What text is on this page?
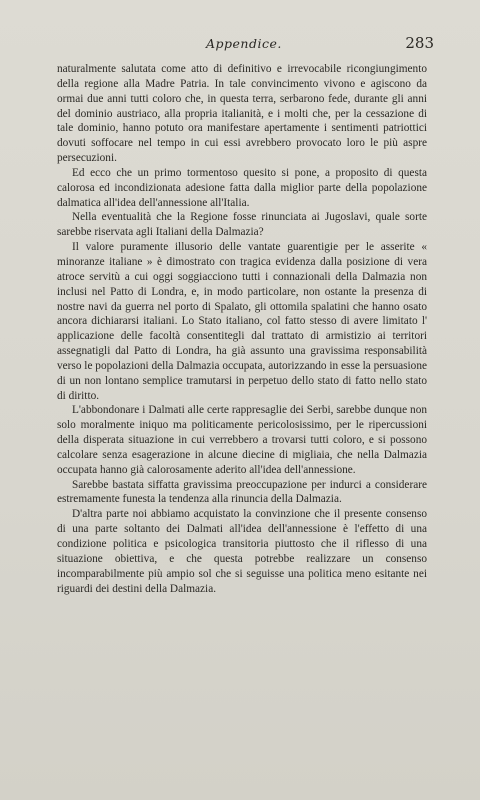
Appendice.	283

naturalmente salutata come atto di definitivo e irrevocabile ricongiungimento della regione alla Madre Patria. In tale convincimento vivono e agiscono da ormai due anni tutti coloro che, in questa terra, serbarono fede, durante gli anni del dominio austriaco, alla propria italianità, e i molti che, per la cessazione di tale dominio, hanno potuto ora manifestare apertamente i sentimenti patriottici dovuti soffocare nel tempo in cui essi avrebbero provocato loro le più aspre persecuzioni.

Ed ecco che un primo tormentoso quesito si pone, a proposito di questa calorosa ed incondizionata adesione fatta dalla miglior parte della popolazione dalmatica all'idea dell'annessione all'Italia.

Nella eventualità che la Regione fosse rinunciata ai Jugoslavi, quale sorte sarebbe riservata agli Italiani della Dalmazia?

Il valore puramente illusorio delle vantate guarentigie per le asserite « minoranze italiane » è dimostrato con tragica evidenza dalla posizione di vera atroce servitù a cui oggi soggiacciono tutti i connazionali della Dalmazia non inclusi nel Patto di Londra, e, in modo particolare, non ostante la presenza di nostre navi da guerra nel porto di Spalato, gli ottomila spalatini che hanno osato ancora dichiararsi italiani. Lo Stato italiano, col fatto stesso di avere limitato l' applicazione delle facoltà consentitegli dal trattato di armistizio ai territori assegnatigli dal Patto di Londra, ha già assunto una gravissima responsabilità verso le popolazioni della Dalmazia occupata, autorizzando in esse la persuasione di un non lontano semplice tramutarsi in perpetuo dello stato di fatto nello stato di diritto.

L'abbondonare i Dalmati alle certe rappresaglie dei Serbi, sarebbe dunque non solo moralmente iniquo ma politicamente pericolosissimo, per le ripercussioni della disperata situazione in cui verrebbero a trovarsi tutti coloro, e si possono calcolare senza esagerazione in alcune diecine di migliaia, che nella Dalmazia occupata hanno già calorosamente aderito all'idea dell'annessione.

Sarebbe bastata siffatta gravissima preoccupazione per indurci a considerare estremamente funesta la tendenza alla rinuncia della Dalmazia.

D'altra parte noi abbiamo acquistato la convinzione che il presente consenso di una parte soltanto dei Dalmati all'idea dell'annessione è l'effetto di una condizione politica e psicologica transitoria piuttosto che il riflesso di una situazione obiettiva, e che questa potrebbe realizzare un consenso incomparabilmente più ampio sol che si seguisse una politica meno esitante nei riguardi dei destini della Dalmazia.
